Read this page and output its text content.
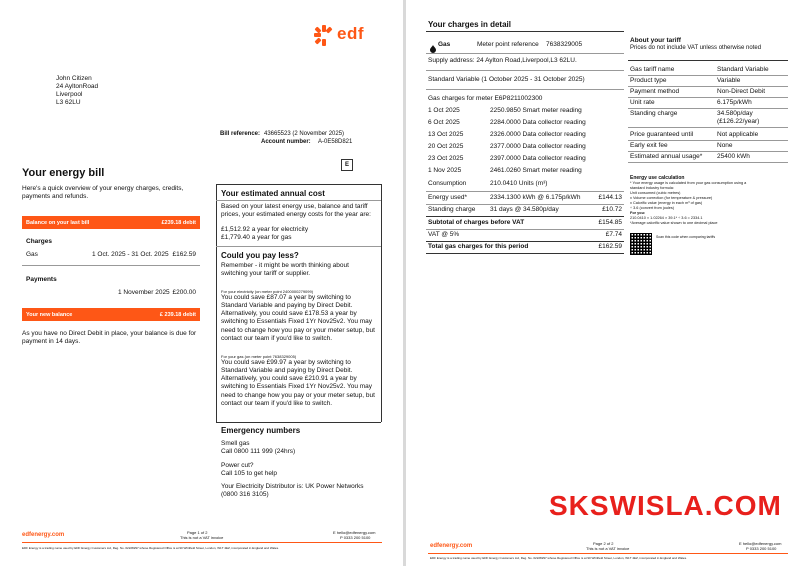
edf
John Citizen
24 AyltonRoad
Liverpool
L3 62LU
Bill reference: 43665523 (2 November 2025)
Account number: A-0E58D821
E
Your energy bill
Here's a quick overview of your energy charges, credits, payments and refunds.
Balance on your last bill	£239.18 debit
Charges
Gas	1 Oct. 2025 - 31 Oct. 2025 £162.59
Payments
1 November 2025 £200.00
Your new balance	£ 239.18 debit
As you have no Direct Debit in place, your balance is due for payment in 14 days.
Your estimated annual cost
Based on your latest energy use, balance and tariff prices, your estimated energy costs for the year are:
£1,512.92 a year for electricity
£1,779.40 a year for gas
Could you pay less?
Remember - it might be worth thinking about switching your tariff or supplier.
For your electricity (on meter point 2400000279099)
You could save £87.07 a year by switching to Standard Variable and paying by Direct Debit. Alternatively, you could save £178.53 a year by switching to Essentials Fixed 1Yr Nov25v2. You may need to change how you pay or your meter setup, but contact our team if you'd like to switch.
For your gas (on meter point 7638329005)
You could save £99.97 a year by switching to Standard Variable and paying by Direct Debit. Alternatively, you could save £210.91 a year by switching to Essentials Fixed 1Yr Nov25v2. You may need to change how you pay or your meter setup, but contact our team if you'd like to switch.
Emergency numbers
Smell gas
Call 0800 111 999 (24hrs)
Power cut?
Call 105 to get help
Your Electricity Distributor is: UK Power Networks (0800 316 3105)
edfenergy.com	Page 1 of 2
This is not a VAT invoice
E hello@edfenergy.com
P 0333 200 5100
EDF Energy is a trading name used by EDF Energy Customers Ltd, Reg. No. 02228297 whose Registered Office is at 90 Whitfield Street, London, W1T 4EZ, incorporated in England and Wales.
Your charges in detail
Gas	Meter point reference 7638329005
Supply address: 24 Aylton Road,Liverpool,L3 62LU.
Standard Variable (1 October 2025 - 31 October 2025)
Gas charges for meter E6P8211002300
1 Oct 2025	2250.9850 Smart meter reading
6 Oct 2025	2284.0000 Data collector reading
13 Oct 2025	2326.0000 Data collector reading
20 Oct 2025	2377.0000 Data collector reading
23 Oct 2025	2397.0000 Data collector reading
1 Nov 2025	2461.0260 Smart meter reading
Consumption	210.0410 Units (m³)
Energy used*	2334.1300 kWh @ 6.175p/kWh	£144.13
Standing charge 31 days @ 34.580p/day	£10.72
Subtotal of charges before VAT	£154.85
VAT @ 5%	£7.74
Total gas charges for this period	£162.59
About your tariff
Prices do not include VAT unless otherwise noted
Gas tariff name	Standard Variable
Product type	Variable
Payment method	Non-Direct Debit
Unit rate	6.175p/kWh
Standing charge	34.580p/day
(£126.22/year)
Price guaranteed until	Not applicable
Early exit fee	None
Estimated annual usage* 25400 kWh
Energy use calculation
* Your energy usage is calculated from your gas consumption using a
standard industry formula:
Unit consumed (cubic metres)
x Volume correction (for temperature & pressure)
x Calorific value (energy in each m³ of gas)
÷ 3.6 (convert from joules)
For you:
210.0410 × 1.02264 × 39.1* ÷ 3.6 = 2334.1
*Average calorific value shown to one decimal place
Scan this code when comparing tariffs
SKSWISLA.COM
edfenergy.com	Page 2 of 2
This is not a VAT invoice
E hello@edfenergy.com
P 0333 200 5100
EDF Energy is a trading name used by EDF Energy Customers Ltd, Reg. No. 02228297 whose Registered Office is at 90 Whitfield Street, London, W1T 4EZ, incorporated in England and Wales.
